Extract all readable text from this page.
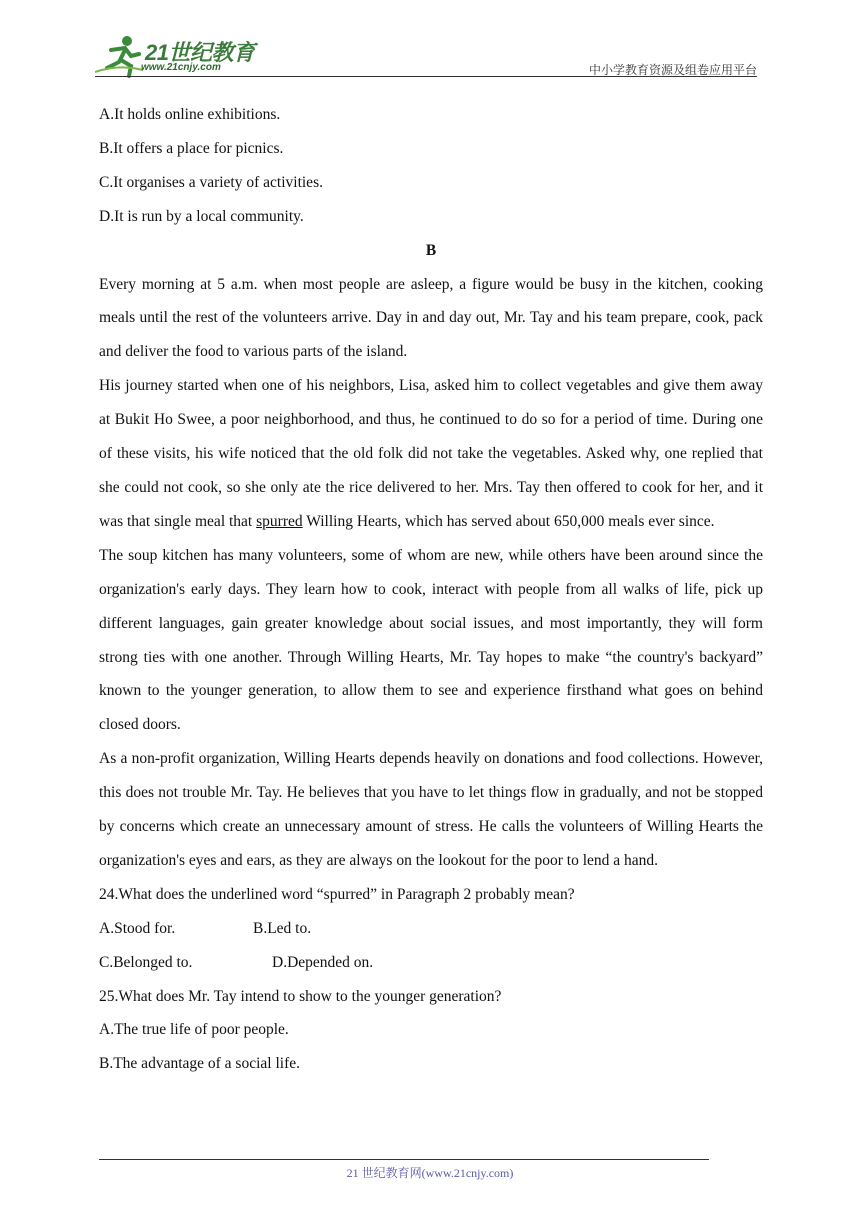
21世纪教育
www.21cnjy.com	中小学教育资源及组卷应用平台

A.It holds online exhibitions.

B.It offers a place for picnics.

C.It organises a variety of activities.

D.It is run by a local community.

B

Every morning at 5 a.m. when most people are asleep, a figure would be busy in the kitchen, cooking meals until the rest of the volunteers arrive. Day in and day out, Mr. Tay and his team prepare, cook, pack and deliver the food to various parts of the island.

His journey started when one of his neighbors, Lisa, asked him to collect vegetables and give them away at Bukit Ho Swee, a poor neighborhood, and thus, he continued to do so for a period of time. During one of these visits, his wife noticed that the old folk did not take the vegetables. Asked why, one replied that she could not cook, so she only ate the rice delivered to her. Mrs. Tay then offered to cook for her, and it was that single meal that spurred Willing Hearts, which has served about 650,000 meals ever since.

The soup kitchen has many volunteers, some of whom are new, while others have been around since the organization's early days. They learn how to cook, interact with people from all walks of life, pick up different languages, gain greater knowledge about social issues, and most importantly, they will form strong ties with one another. Through Willing Hearts, Mr. Tay hopes to make “the country's backyard” known to the younger generation, to allow them to see and experience firsthand what goes on behind closed doors.

As a non-profit organization, Willing Hearts depends heavily on donations and food collections. However, this does not trouble Mr. Tay. He believes that you have to let things flow in gradually, and not be stopped by concerns which create an unnecessary amount of stress. He calls the volunteers of Willing Hearts the organization's eyes and ears, as they are always on the lookout for the poor to lend a hand.

24.What does the underlined word “spurred” in Paragraph 2 probably mean?

A.Stood for.	B.Led to.

C.Belonged to.	D.Depended on.

25.What does Mr. Tay intend to show to the younger generation?

A.The true life of poor people.

B.The advantage of a social life.

21 世纪教育网(www.21cnjy.com)
